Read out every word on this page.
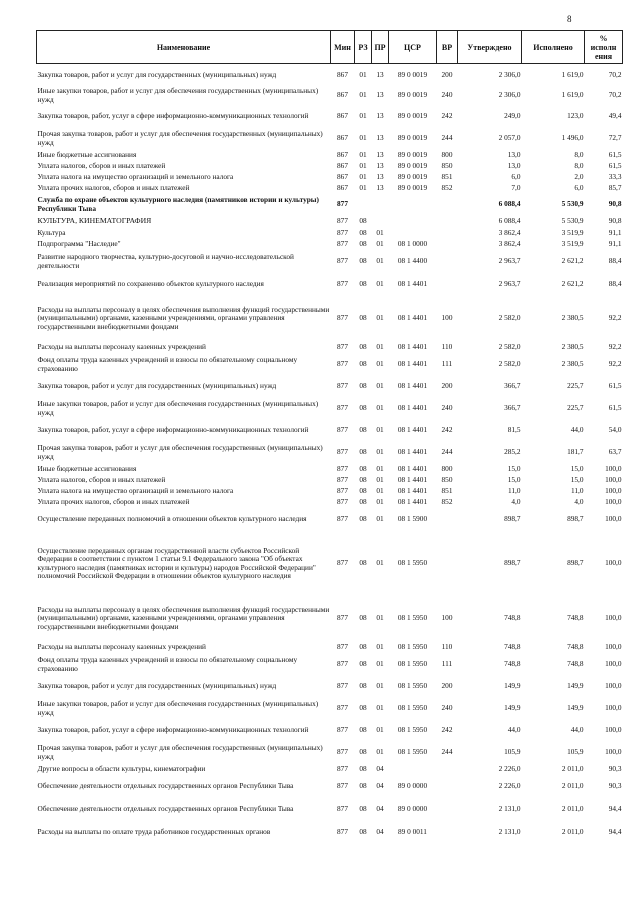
8
Наименование	Мин	РЗ	ПР	ЦСР	ВР	Утверждено	Исполнено	%
исполн
ения
Закупка товаров, работ и услуг для государственных (муниципальных) нужд	867	01	13	89 0 0019	200	2 306,0	1 619,0	70,2
Иные закупки товаров, работ и услуг для обеспечения государственных (муниципальных) нужд	867	01	13	89 0 0019	240	2 306,0	1 619,0	70,2
Закупка товаров, работ, услуг в сфере информационно-коммуникационных технологий	867	01	13	89 0 0019	242	249,0	123,0	49,4
Прочая закупка товаров, работ и услуг для обеспечения государственных (муниципальных) нужд	867	01	13	89 0 0019	244	2 057,0	1 496,0	72,7
Иные бюджетные ассигнования	867	01	13	89 0 0019	800	13,0	8,0	61,5
Уплата налогов, сборов и иных платежей	867	01	13	89 0 0019	850	13,0	8,0	61,5
Уплата налога на имущество организаций и земельного налога	867	01	13	89 0 0019	851	6,0	2,0	33,3
Уплата прочих налогов, сборов и иных платежей	867	01	13	89 0 0019	852	7,0	6,0	85,7
Служба по охране объектов культурного наследия (памятников истории и культуры) Республики Тыва	877					6 088,4	5 530,9	90,8
КУЛЬТУРА, КИНЕМАТОГРАФИЯ	877	08				6 088,4	5 530,9	90,8
Культура	877	08	01			3 862,4	3 519,9	91,1
Подпрограмма "Наследие"	877	08	01	08 1 0000		3 862,4	3 519,9	91,1
Развитие народного творчества, культурно-досуговой и научно-исследовательской деятельности	877	08	01	08 1 4400		2 963,7	2 621,2	88,4
Реализация мероприятий по сохранению объектов культурного наследия	877	08	01	08 1 4401		2 963,7	2 621,2	88,4
Расходы на выплаты персоналу в целях обеспечения выполнения функций государственными (муниципальными) органами, казенными учреждениями, органами управления государственными внебюджетными фондами	877	08	01	08 1 4401	100	2 582,0	2 380,5	92,2
Расходы на выплаты персоналу казенных учреждений	877	08	01	08 1 4401	110	2 582,0	2 380,5	92,2
Фонд оплаты труда казенных учреждений и взносы по обязательному социальному страхованию	877	08	01	08 1 4401	111	2 582,0	2 380,5	92,2
Закупка товаров, работ и услуг для государственных (муниципальных) нужд	877	08	01	08 1 4401	200	366,7	225,7	61,5
Иные закупки товаров, работ и услуг для обеспечения государственных (муниципальных) нужд	877	08	01	08 1 4401	240	366,7	225,7	61,5
Закупка товаров, работ, услуг в сфере информационно-коммуникационных технологий	877	08	01	08 1 4401	242	81,5	44,0	54,0
Прочая закупка товаров, работ и услуг для обеспечения государственных (муниципальных) нужд	877	08	01	08 1 4401	244	285,2	181,7	63,7
Иные бюджетные ассигнования	877	08	01	08 1 4401	800	15,0	15,0	100,0
Уплата налогов, сборов и иных платежей	877	08	01	08 1 4401	850	15,0	15,0	100,0
Уплата налога на имущество организаций и земельного налога	877	08	01	08 1 4401	851	11,0	11,0	100,0
Уплата прочих налогов, сборов и иных платежей	877	08	01	08 1 4401	852	4,0	4,0	100,0
Осуществление переданных полномочий в отношении объектов культурного наследия	877	08	01	08 1 5900		898,7	898,7	100,0
Осуществление переданных органам государственной власти субъектов Российской Федерации в соответствии с пунктом 1 статьи 9.1 Федерального закона "Об объектах культурного наследия (памятниках истории и культуры) народов Российской Федерации" полномочий Российской Федерации в отношении объектов культурного наследия	877	08	01	08 1 5950		898,7	898,7	100,0
Расходы на выплаты персоналу в целях обеспечения выполнения функций государственными (муниципальными) органами, казенными учреждениями, органами управления государственными внебюджетными фондами	877	08	01	08 1 5950	100	748,8	748,8	100,0
Расходы на выплаты персоналу казенных учреждений	877	08	01	08 1 5950	110	748,8	748,8	100,0
Фонд оплаты труда казенных учреждений и взносы по обязательному социальному страхованию	877	08	01	08 1 5950	111	748,8	748,8	100,0
Закупка товаров, работ и услуг для государственных (муниципальных) нужд	877	08	01	08 1 5950	200	149,9	149,9	100,0
Иные закупки товаров, работ и услуг для обеспечения государственных (муниципальных) нужд	877	08	01	08 1 5950	240	149,9	149,9	100,0
Закупка товаров, работ, услуг в сфере информационно-коммуникационных технологий	877	08	01	08 1 5950	242	44,0	44,0	100,0
Прочая закупка товаров, работ и услуг для обеспечения государственных (муниципальных) нужд	877	08	01	08 1 5950	244	105,9	105,9	100,0
Другие вопросы в области культуры, кинематографии	877	08	04			2 226,0	2 011,0	90,3
Обеспечение деятельности отдельных государственных органов Республики Тыва	877	08	04	89 0 0000		2 226,0	2 011,0	90,3
Обеспечение деятельности отдельных государственных органов Республики Тыва	877	08	04	89 0 0000		2 131,0	2 011,0	94,4
Расходы на выплаты по оплате труда работников государственных органов	877	08	04	89 0 0011		2 131,0	2 011,0	94,4
